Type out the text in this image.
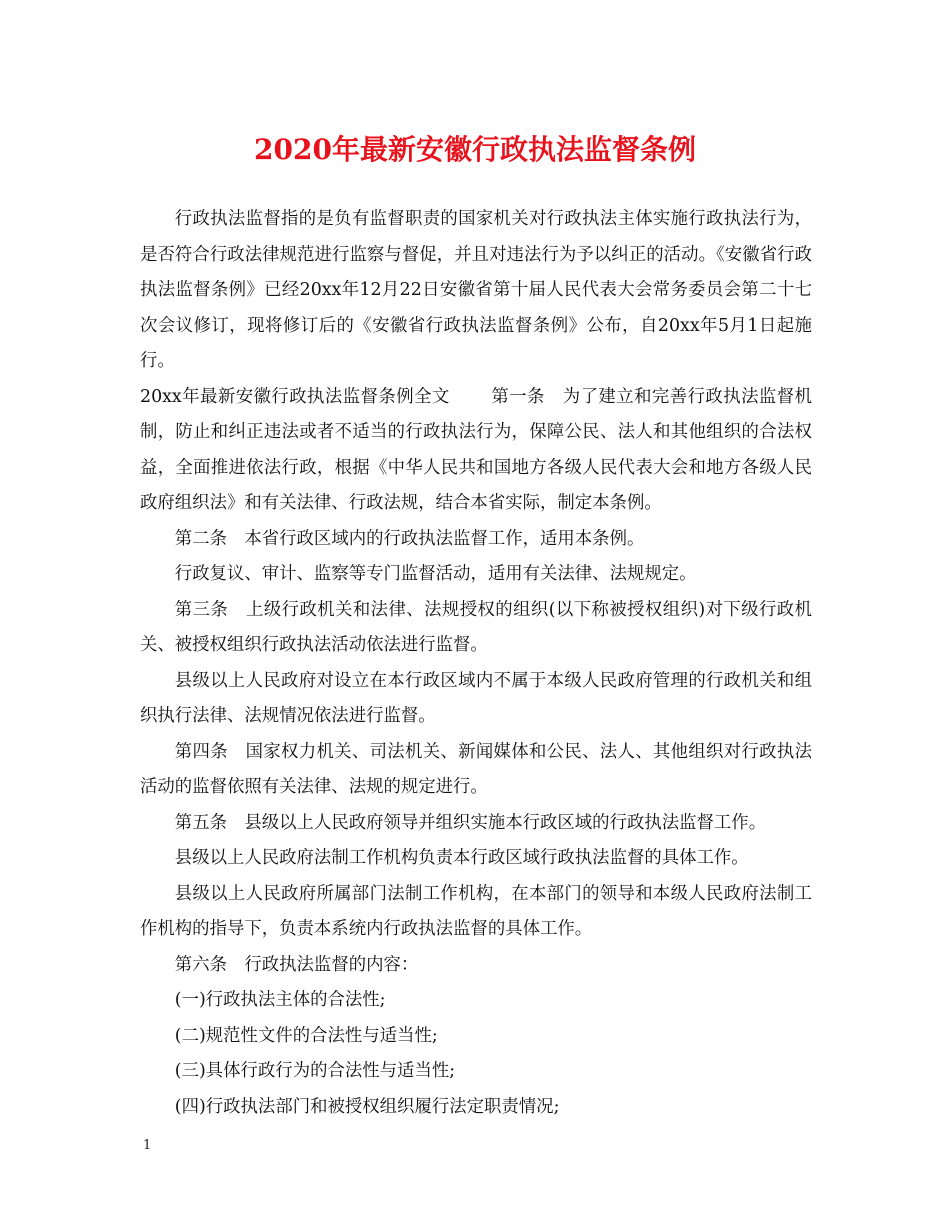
2020年最新安徽行政执法监督条例

行政执法监督指的是负有监督职责的国家机关对行政执法主体实施行政执法行为，是否符合行政法律规范进行监察与督促，并且对违法行为予以纠正的活动。《安徽省行政执法监督条例》已经20xx年12月22日安徽省第十届人民代表大会常务委员会第二十七次会议修订，现将修订后的《安徽省行政执法监督条例》公布，自20xx年5月1日起施行。

20xx年最新安徽行政执法监督条例全文　　 第一条　为了建立和完善行政执法监督机制，防止和纠正违法或者不适当的行政执法行为，保障公民、法人和其他组织的合法权益，全面推进依法行政，根据《中华人民共和国地方各级人民代表大会和地方各级人民政府组织法》和有关法律、行政法规，结合本省实际，制定本条例。

第二条　本省行政区域内的行政执法监督工作，适用本条例。

行政复议、审计、监察等专门监督活动，适用有关法律、法规规定。

第三条　上级行政机关和法律、法规授权的组织(以下称被授权组织)对下级行政机关、被授权组织行政执法活动依法进行监督。

县级以上人民政府对设立在本行政区域内不属于本级人民政府管理的行政机关和组织执行法律、法规情况依法进行监督。

第四条　国家权力机关、司法机关、新闻媒体和公民、法人、其他组织对行政执法活动的监督依照有关法律、法规的规定进行。

第五条　县级以上人民政府领导并组织实施本行政区域的行政执法监督工作。

县级以上人民政府法制工作机构负责本行政区域行政执法监督的具体工作。

县级以上人民政府所属部门法制工作机构，在本部门的领导和本级人民政府法制工作机构的指导下，负责本系统内行政执法监督的具体工作。

第六条　行政执法监督的内容：

(一)行政执法主体的合法性;

(二)规范性文件的合法性与适当性;

(三)具体行政行为的合法性与适当性;

(四)行政执法部门和被授权组织履行法定职责情况;

1
